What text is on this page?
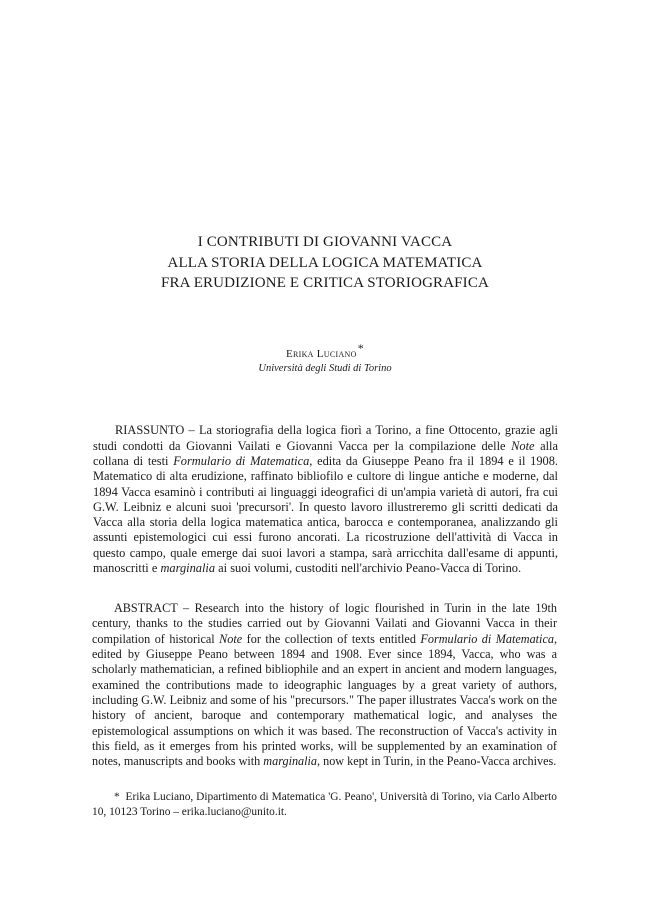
I CONTRIBUTI DI GIOVANNI VACCA
ALLA STORIA DELLA LOGICA MATEMATICA
FRA ERUDIZIONE E CRITICA STORIOGRAFICA
Erika Luciano*
Università degli Studi di Torino

RIASSUNTO – La storiografia della logica fiorì a Torino, a fine Ottocento, grazie agli studi condotti da Giovanni Vailati e Giovanni Vacca per la compilazione delle Note alla collana di testi Formulario di Matematica, edita da Giuseppe Peano fra il 1894 e il 1908. Matematico di alta erudizione, raffinato bibliofilo e cultore di lingue antiche e moderne, dal 1894 Vacca esaminò i contributi ai linguaggi ideografici di un'ampia varietà di autori, fra cui G.W. Leibniz e alcuni suoi 'precursori'. In questo lavoro illustreremo gli scritti dedicati da Vacca alla storia della logica matematica antica, barocca e contemporanea, analizzando gli assunti epistemologici cui essi furono ancorati. La ricostruzione dell'attività di Vacca in questo campo, quale emerge dai suoi lavori a stampa, sarà arricchita dall'esame di appunti, manoscritti e marginalia ai suoi volumi, custoditi nell'archivio Peano-Vacca di Torino.

ABSTRACT – Research into the history of logic flourished in Turin in the late 19th century, thanks to the studies carried out by Giovanni Vailati and Giovanni Vacca in their compilation of historical Note for the collection of texts entitled Formulario di Matematica, edited by Giuseppe Peano between 1894 and 1908. Ever since 1894, Vacca, who was a scholarly mathematician, a refined bibliophile and an expert in ancient and modern languages, examined the contributions made to ideographic languages by a great variety of authors, including G.W. Leibniz and some of his "precursors." The paper illustrates Vacca's work on the history of ancient, baroque and contemporary mathematical logic, and analyses the epistemological assumptions on which it was based. The reconstruction of Vacca's activity in this field, as it emerges from his printed works, will be supplemented by an examination of notes, manuscripts and books with marginalia, now kept in Turin, in the Peano-Vacca archives.

* Erika Luciano, Dipartimento di Matematica 'G. Peano', Università di Torino, via Carlo Alberto 10, 10123 Torino – erika.luciano@unito.it.
